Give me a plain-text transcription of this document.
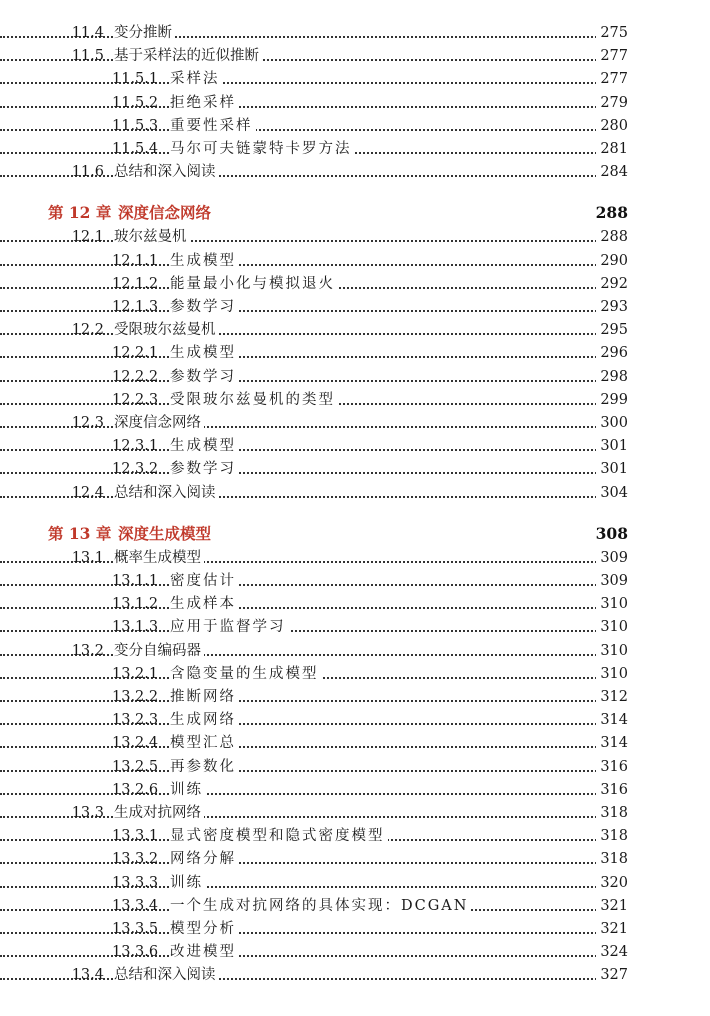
11.4 变分推断	275
11.5 基于采样法的近似推断	277
11.5.1 采样法	277
11.5.2 拒绝采样	279
11.5.3 重要性采样	280
11.5.4 马尔可夫链蒙特卡罗方法	281
11.6 总结和深入阅读	284
第 12 章 深度信念网络	288
12.1 玻尔兹曼机	288
12.1.1 生成模型	290
12.1.2 能量最小化与模拟退火	292
12.1.3 参数学习	293
12.2 受限玻尔兹曼机	295
12.2.1 生成模型	296
12.2.2 参数学习	298
12.2.3 受限玻尔兹曼机的类型	299
12.3 深度信念网络	300
12.3.1 生成模型	301
12.3.2 参数学习	301
12.4 总结和深入阅读	304
第 13 章 深度生成模型	308
13.1 概率生成模型	309
13.1.1 密度估计	309
13.1.2 生成样本	310
13.1.3 应用于监督学习	310
13.2 变分自编码器	310
13.2.1 含隐变量的生成模型	310
13.2.2 推断网络	312
13.2.3 生成网络	314
13.2.4 模型汇总	314
13.2.5 再参数化	316
13.2.6 训练	316
13.3 生成对抗网络	318
13.3.1 显式密度模型和隐式密度模型	318
13.3.2 网络分解	318
13.3.3 训练	320
13.3.4 一个生成对抗网络的具体实现：DCGAN	321
13.3.5 模型分析	321
13.3.6 改进模型	324
13.4 总结和深入阅读	327
